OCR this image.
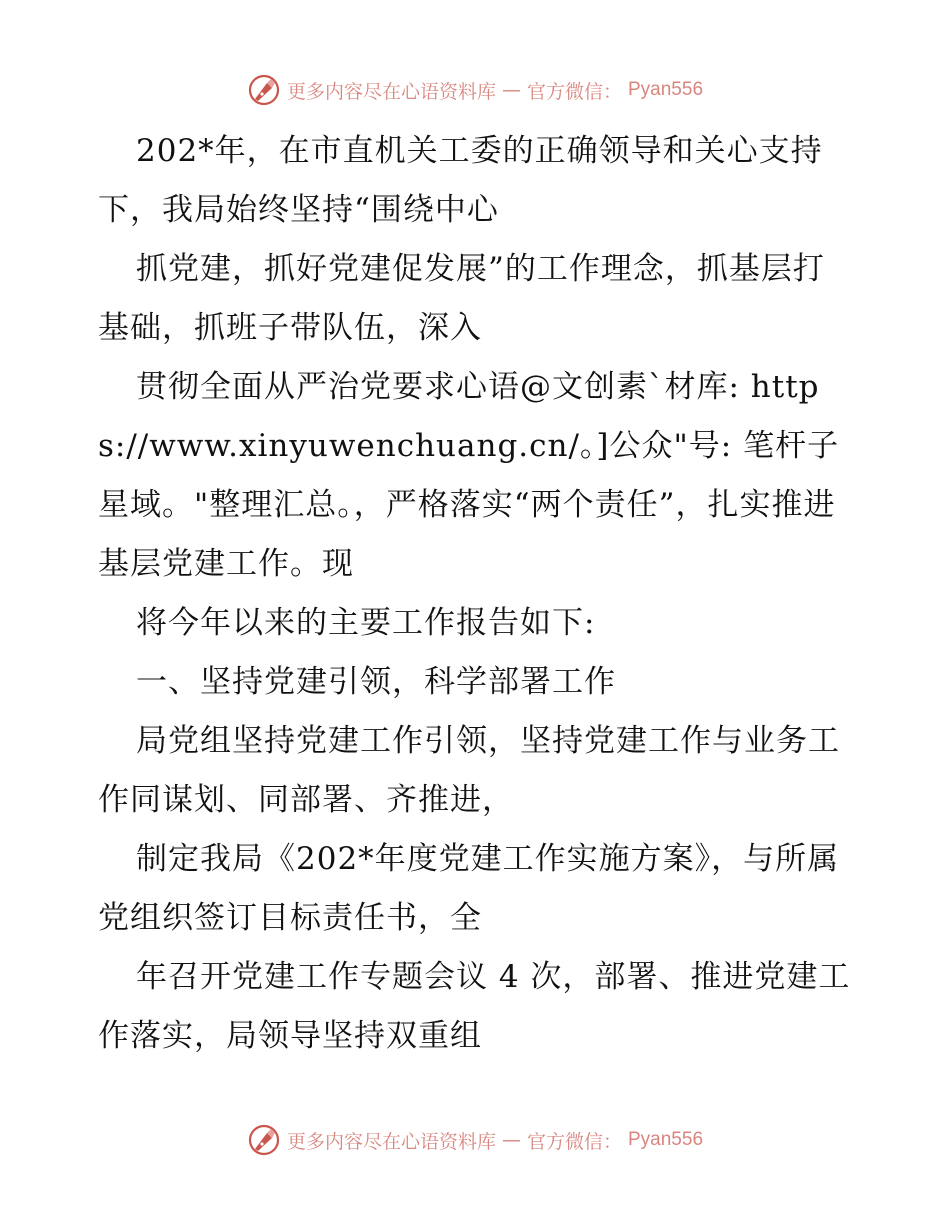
更多内容尽在心语资料库 — 官方微信： Pyan556

202*年，在市直机关工委的正确领导和关心支持下，我局始终坚持“围绕中心

抓党建，抓好党建促发展”的工作理念，抓基层打基础，抓班子带队伍，深入

贯彻全面从严治党要求心语@文创素`材库: https://www.xinyuwenchuang.cn/。]公众"号: 笔杆子星域。"整理汇总。，严格落实“两个责任”，扎实推进基层党建工作。现

将今年以来的主要工作报告如下:

一、坚持党建引领，科学部署工作

局党组坚持党建工作引领，坚持党建工作与业务工作同谋划、同部署、齐推进，

制定我局《202*年度党建工作实施方案》，与所属党组织签订目标责任书，全

年召开党建工作专题会议 4 次，部署、推进党建工作落实，局领导坚持双重组

更多内容尽在心语资料库 — 官方微信： Pyan556
